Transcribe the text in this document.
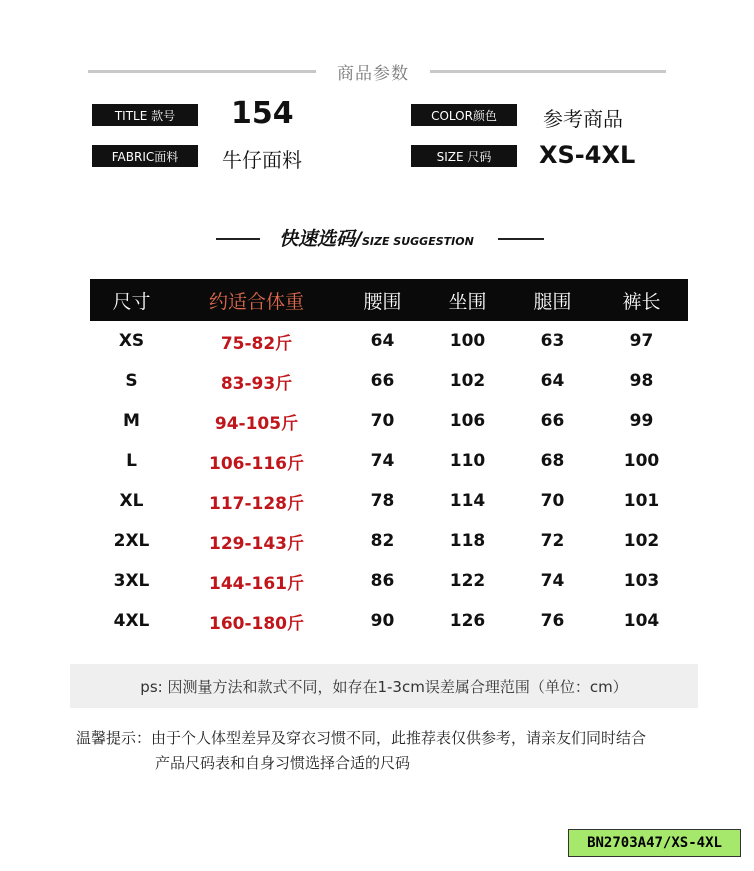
商品参数
TITLE 款号	154	COLOR颜色	参考商品
FABRIC面料	牛仔面料	SIZE 尺码	XS-4XL
快速选码/SIZE SUGGESTION
尺寸	约适合体重	腰围	坐围	腿围	裤长
XS	75-82斤	64	100	63	97
S	83-93斤	66	102	64	98
M	94-105斤	70	106	66	99
L	106-116斤	74	110	68	100
XL	117-128斤	78	114	70	101
2XL	129-143斤	82	118	72	102
3XL	144-161斤	86	122	74	103
4XL	160-180斤	90	126	76	104
ps: 因测量方法和款式不同，如存在1-3cm误差属合理范围（单位：cm）
温馨提示：由于个人体型差异及穿衣习惯不同，此推荐表仅供参考，请亲友们同时结合
产品尺码表和自身习惯选择合适的尺码
BN2703A47/XS-4XL
